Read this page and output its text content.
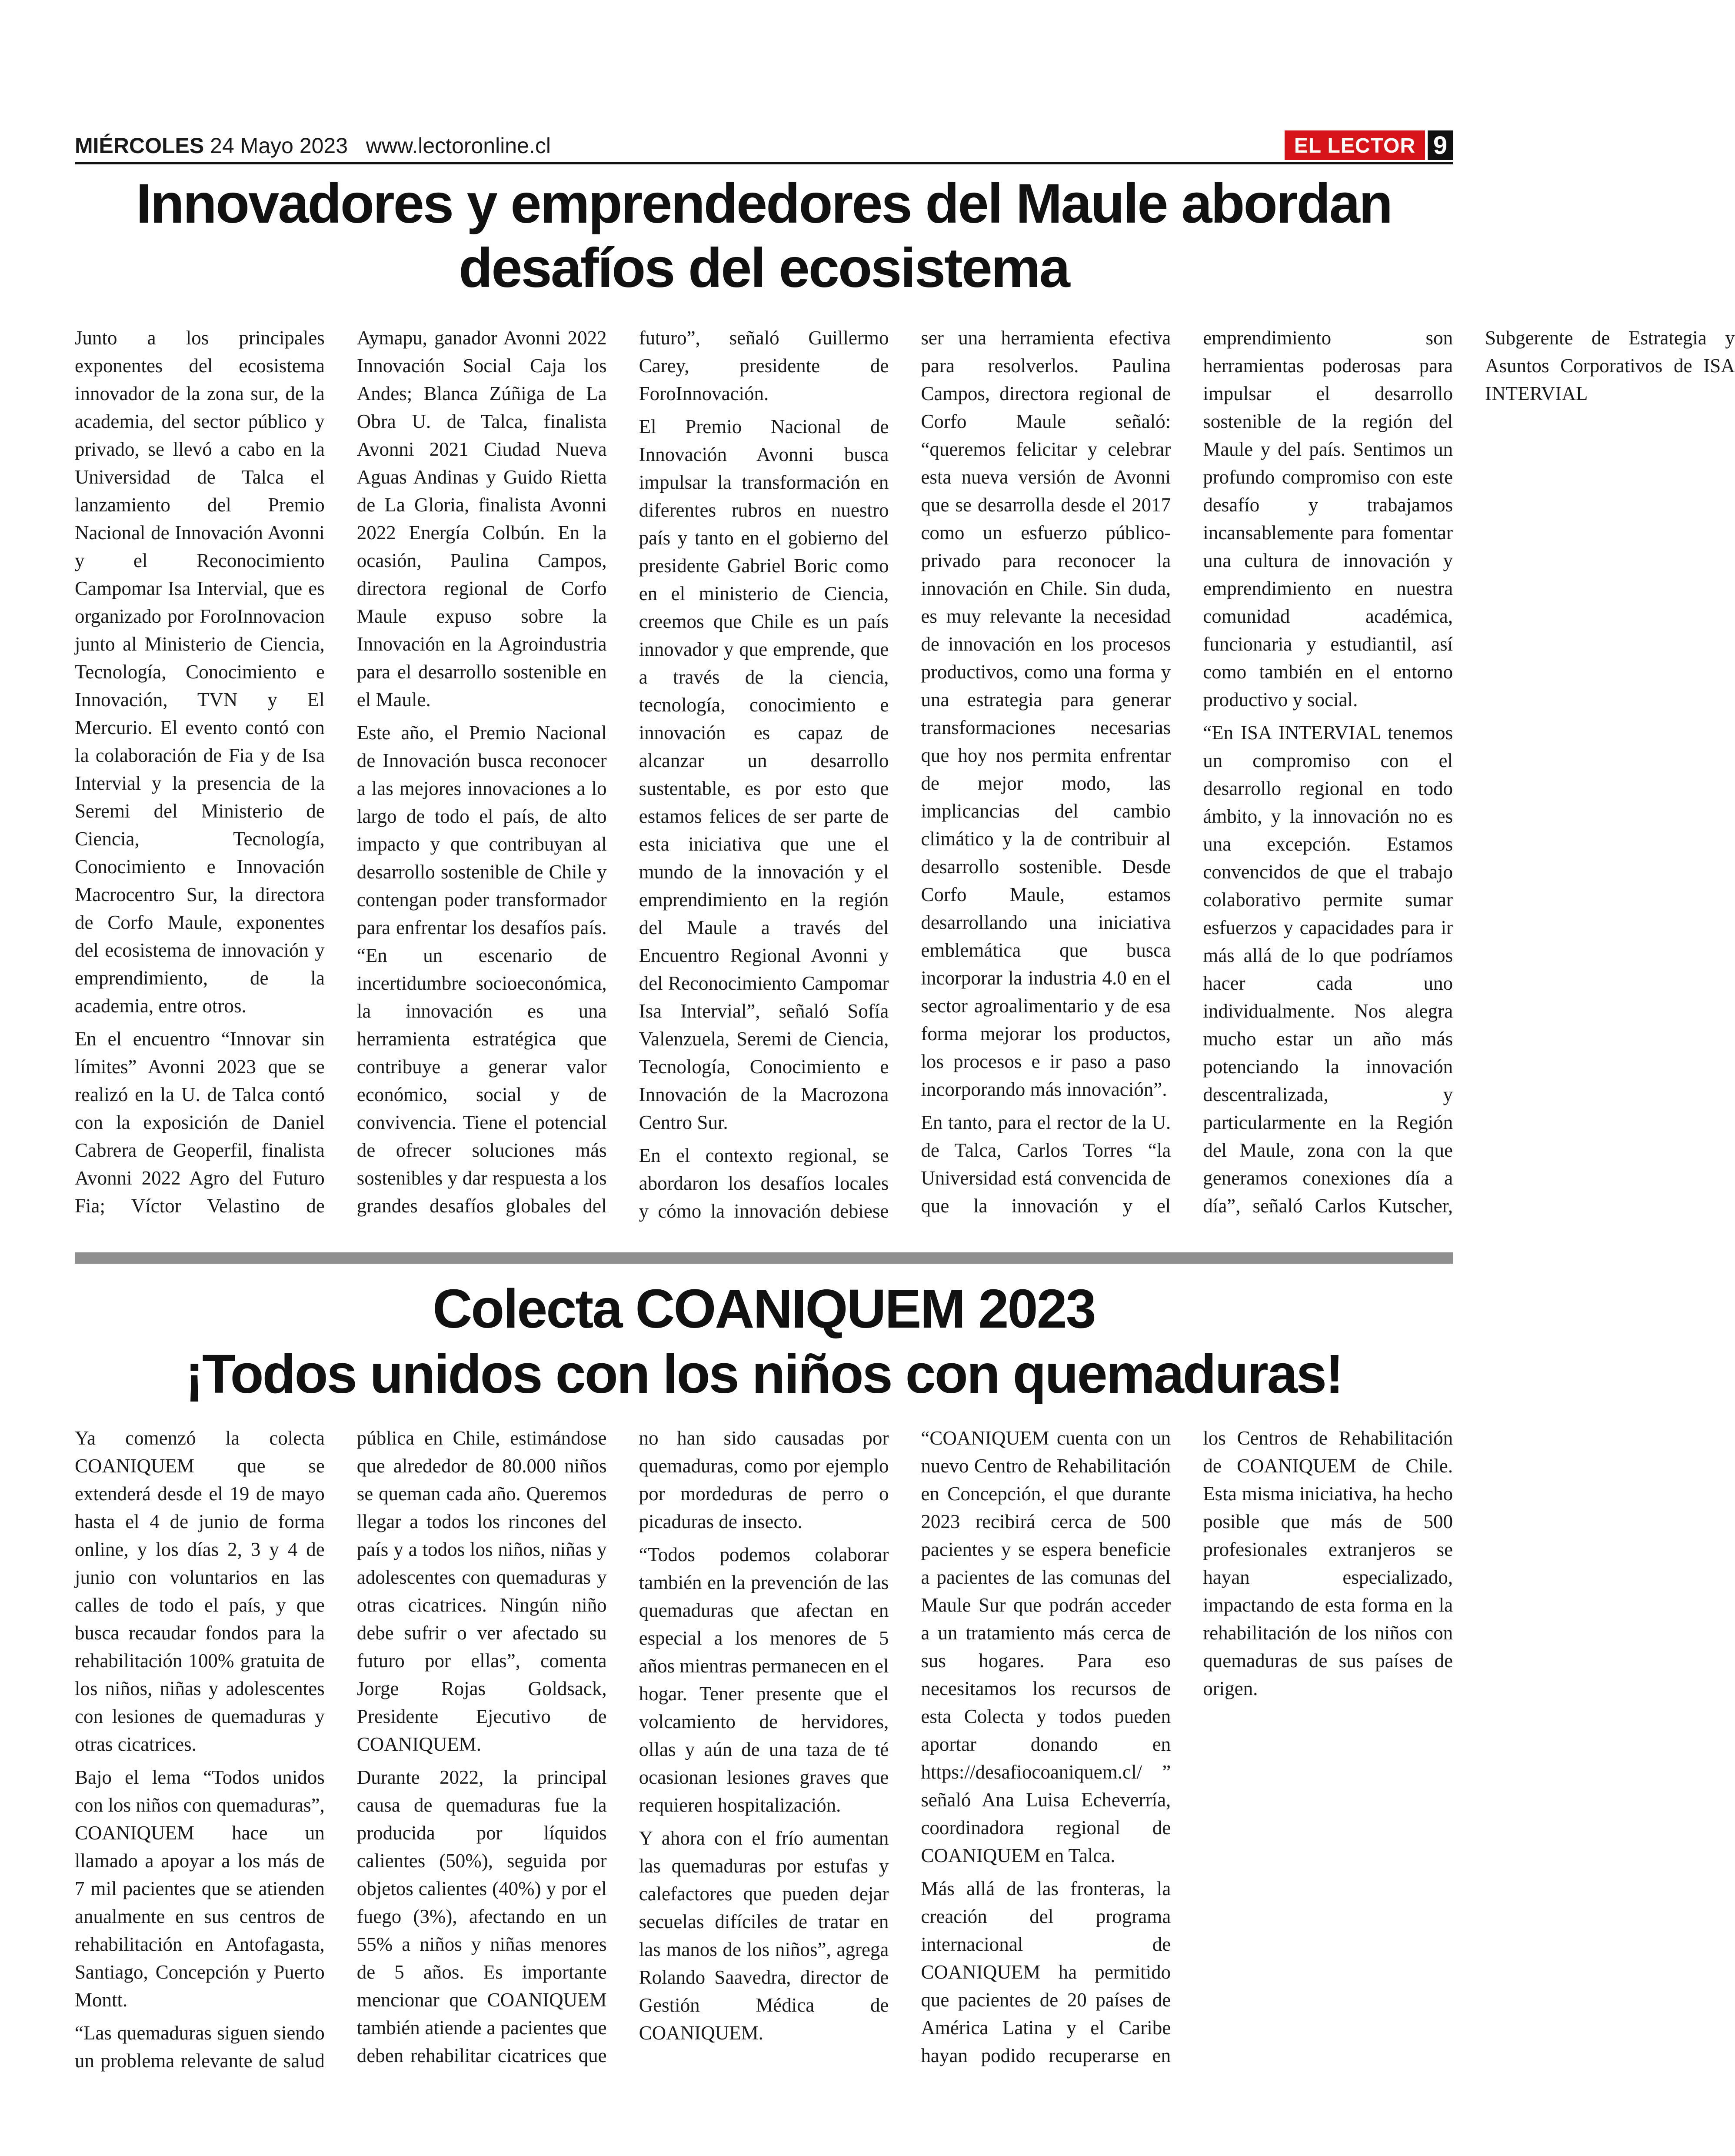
MIÉRCOLES 24 Mayo 2023 www.lectoronline.cl	EL LECTOR 9
Innovadores y emprendedores del Maule abordan
desafíos del ecosistema

Junto a los principales exponentes del ecosistema innovador de la zona sur, de la academia, del sector público y privado, se llevó a cabo en la Universidad de Talca el lanzamiento del Premio Nacional de Innovación Avonni y el Reconocimiento Campomar Isa Intervial, que es organizado por ForoInnovacion junto al Ministerio de Ciencia, Tecnología, Conocimiento e Innovación, TVN y El Mercurio. El evento contó con la colaboración de Fia y de Isa Intervial y la presencia de la Seremi del Ministerio de Ciencia, Tecnología, Conocimiento e Innovación Macrocentro Sur, la directora de Corfo Maule, exponentes del ecosistema de innovación y emprendimiento, de la academia, entre otros.

En el encuentro “Innovar sin límites” Avonni 2023 que se realizó en la U. de Talca contó con la exposición de Daniel Cabrera de Geoperfil, finalista Avonni 2022 Agro del Futuro Fia; Víctor Velastino de Aymapu, ganador Avonni 2022 Innovación Social Caja los Andes; Blanca Zúñiga de La Obra U. de Talca, finalista Avonni 2021 Ciudad Nueva Aguas Andinas y Guido Rietta de La Gloria, finalista Avonni 2022 Energía Colbún. En la ocasión, Paulina Campos, directora regional de Corfo Maule expuso sobre la Innovación en la Agroindustria para el desarrollo sostenible en el Maule.

Este año, el Premio Nacional de Innovación busca reconocer a las mejores innovaciones a lo largo de todo el país, de alto impacto y que contribuyan al desarrollo sostenible de Chile y contengan poder transformador para enfrentar los desafíos país. “En un escenario de incertidumbre socioeconómica, la innovación es una herramienta estratégica que contribuye a generar valor económico, social y de convivencia. Tiene el potencial de ofrecer soluciones más sostenibles y dar respuesta a los grandes desafíos globales del futuro”, señaló Guillermo Carey, presidente de ForoInnovación.

El Premio Nacional de Innovación Avonni busca impulsar la transformación en diferentes rubros en nuestro país y tanto en el gobierno del presidente Gabriel Boric como en el ministerio de Ciencia, creemos que Chile es un país innovador y que emprende, que a través de la ciencia, tecnología, conocimiento e innovación es capaz de alcanzar un desarrollo sustentable, es por esto que estamos felices de ser parte de esta iniciativa que une el mundo de la innovación y el emprendimiento en la región del Maule a través del Encuentro Regional Avonni y del Reconocimiento Campomar Isa Intervial”, señaló Sofía Valenzuela, Seremi de Ciencia, Tecnología, Conocimiento e Innovación de la Macrozona Centro Sur.

En el contexto regional, se abordaron los desafíos locales y cómo la innovación debiese ser una herramienta efectiva para resolverlos. Paulina Campos, directora regional de Corfo Maule señaló: “queremos felicitar y celebrar esta nueva versión de Avonni que se desarrolla desde el 2017 como un esfuerzo público-privado para reconocer la innovación en Chile. Sin duda, es muy relevante la necesidad de innovación en los procesos productivos, como una forma y una estrategia para generar transformaciones necesarias que hoy nos permita enfrentar de mejor modo, las implicancias del cambio climático y la de contribuir al desarrollo sostenible. Desde Corfo Maule, estamos desarrollando una iniciativa emblemática que busca incorporar la industria 4.0 en el sector agroalimentario y de esa forma mejorar los productos, los procesos e ir paso a paso incorporando más innovación”.

En tanto, para el rector de la U. de Talca, Carlos Torres “la Universidad está convencida de que la innovación y el emprendimiento son herramientas poderosas para impulsar el desarrollo sostenible de la región del Maule y del país. Sentimos un profundo compromiso con este desafío y trabajamos incansablemente para fomentar una cultura de innovación y emprendimiento en nuestra comunidad académica, funcionaria y estudiantil, así como también en el entorno productivo y social.

“En ISA INTERVIAL tenemos un compromiso con el desarrollo regional en todo ámbito, y la innovación no es una excepción. Estamos convencidos de que el trabajo colaborativo permite sumar esfuerzos y capacidades para ir más allá de lo que podríamos hacer cada uno individualmente. Nos alegra mucho estar un año más potenciando la innovación descentralizada, y particularmente en la Región del Maule, zona con la que generamos conexiones día a día”, señaló Carlos Kutscher, Subgerente de Estrategia y Asuntos Corporativos de ISA INTERVIAL

Colecta COANIQUEM 2023
¡Todos unidos con los niños con quemaduras!

Ya comenzó la colecta COANIQUEM que se extenderá desde el 19 de mayo hasta el 4 de junio de forma online, y los días 2, 3 y 4 de junio con voluntarios en las calles de todo el país, y que busca recaudar fondos para la rehabilitación 100% gratuita de los niños, niñas y adolescentes con lesiones de quemaduras y otras cicatrices.

Bajo el lema “Todos unidos con los niños con quemaduras”, COANIQUEM hace un llamado a apoyar a los más de 7 mil pacientes que se atienden anualmente en sus centros de rehabilitación en Antofagasta, Santiago, Concepción y Puerto Montt.

“Las quemaduras siguen siendo un problema relevante de salud pública en Chile, estimándose que alrededor de 80.000 niños se queman cada año. Queremos llegar a todos los rincones del país y a todos los niños, niñas y adolescentes con quemaduras y otras cicatrices. Ningún niño debe sufrir o ver afectado su futuro por ellas”, comenta Jorge Rojas Goldsack, Presidente Ejecutivo de COANIQUEM.

Durante 2022, la principal causa de quemaduras fue la producida por líquidos calientes (50%), seguida por objetos calientes (40%) y por el fuego (3%), afectando en un 55% a niños y niñas menores de 5 años. Es importante mencionar que COANIQUEM también atiende a pacientes que deben rehabilitar cicatrices que no han sido causadas por quemaduras, como por ejemplo por mordeduras de perro o picaduras de insecto.

“Todos podemos colaborar también en la prevención de las quemaduras que afectan en especial a los menores de 5 años mientras permanecen en el hogar. Tener presente que el volcamiento de hervidores, ollas y aún de una taza de té ocasionan lesiones graves que requieren hospitalización.

Y ahora con el frío aumentan las quemaduras por estufas y calefactores que pueden dejar secuelas difíciles de tratar en las manos de los niños”, agrega Rolando Saavedra, director de Gestión Médica de COANIQUEM.

“COANIQUEM cuenta con un nuevo Centro de Rehabilitación en Concepción, el que durante 2023 recibirá cerca de 500 pacientes y se espera beneficie a pacientes de las comunas del Maule Sur que podrán acceder a un tratamiento más cerca de sus hogares. Para eso necesitamos los recursos de esta Colecta y todos pueden aportar donando en https://desafiocoaniquem.cl/ ” señaló Ana Luisa Echeverría, coordinadora regional de COANIQUEM en Talca.

Más allá de las fronteras, la creación del programa internacional de COANIQUEM ha permitido que pacientes de 20 países de América Latina y el Caribe hayan podido recuperarse en los Centros de Rehabilitación de COANIQUEM de Chile. Esta misma iniciativa, ha hecho posible que más de 500 profesionales extranjeros se hayan especializado, impactando de esta forma en la rehabilitación de los niños con quemaduras de sus países de origen.
